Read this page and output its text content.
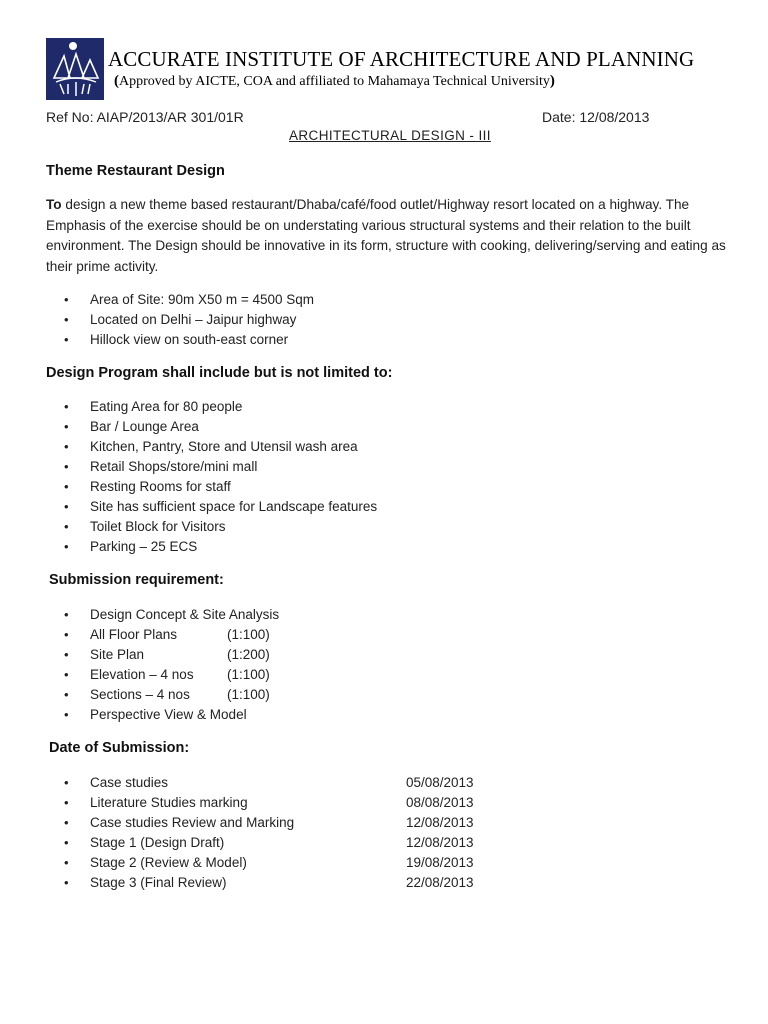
ACCURATE INSTITUTE OF ARCHITECTURE AND PLANNING
(Approved by AICTE, COA and affiliated to Mahamaya Technical University)
Ref No: AIAP/2013/AR 301/01R	Date: 12/08/2013
ARCHITECTURAL DESIGN - III
Theme Restaurant Design
To design a new theme based restaurant/Dhaba/café/food outlet/Highway resort located on a highway. The Emphasis of the exercise should be on understating various structural systems and their relation to the built environment. The Design should be innovative in its form, structure with cooking, delivering/serving and eating as their prime activity.
• Area of Site: 90m X50 m = 4500 Sqm
• Located on Delhi – Jaipur highway
• Hillock view on south-east corner
Design Program shall include but is not limited to:
• Eating Area for 80 people
• Bar / Lounge Area
• Kitchen, Pantry, Store and Utensil wash area
• Retail Shops/store/mini mall
• Resting Rooms for staff
• Site has sufficient space for Landscape features
• Toilet Block for Visitors
• Parking – 25 ECS
Submission requirement:
• Design Concept & Site Analysis
• All Floor Plans	(1:100)
• Site Plan	(1:200)
• Elevation – 4 nos (1:100)
• Sections – 4 nos	(1:100)
• Perspective View & Model
Date of Submission:
• Case studies	05/08/2013
• Literature Studies marking	08/08/2013
• Case studies Review and Marking	12/08/2013
• Stage 1 (Design Draft)	12/08/2013
• Stage 2 (Review & Model)	19/08/2013
• Stage 3 (Final Review)	22/08/2013
